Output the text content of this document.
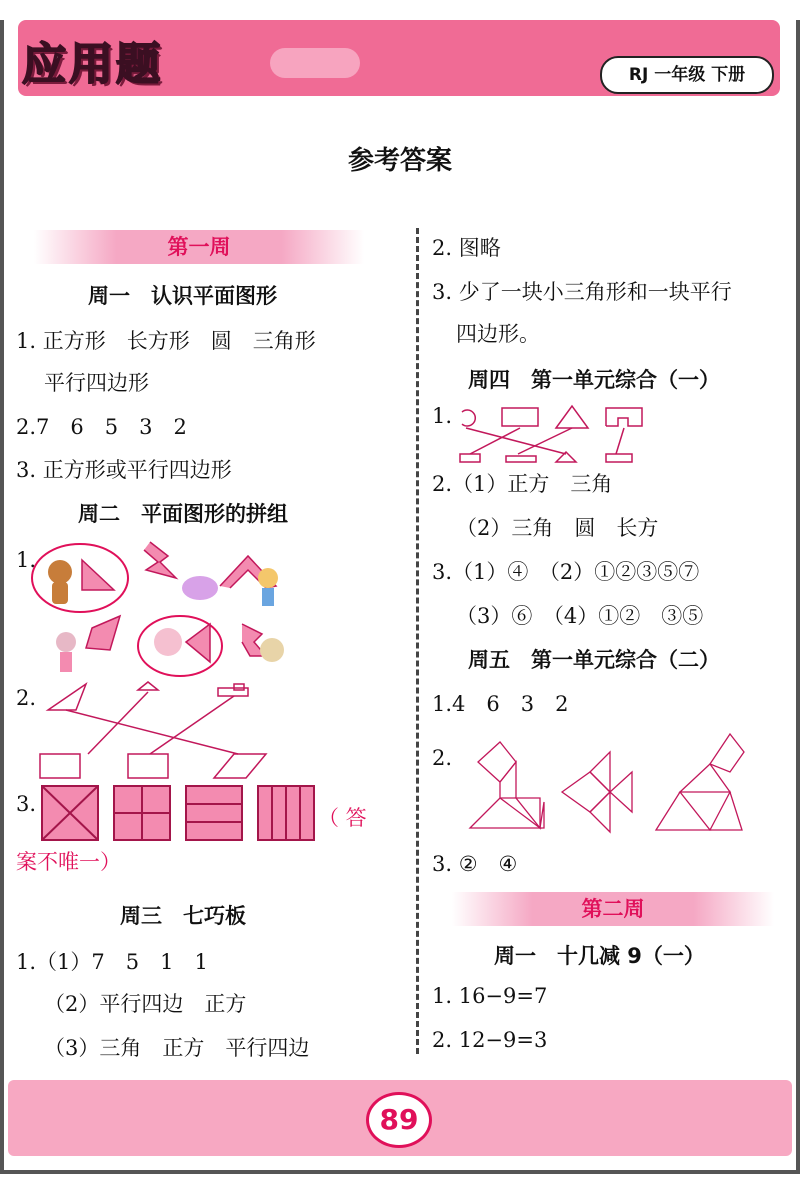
应用题	RJ 一年级 下册
参考答案
第一周
周一　认识平面图形
1. 正方形　长方形　圆　三角形
平行四边形
2.7　6　5　3　2
3. 正方形或平行四边形
周二　平面图形的拼组
1.
2.
3.
（ 答
案不唯一）
周三　七巧板
1.（1）7　5　1　1
（2）平行四边　正方
（3）三角　正方　平行四边
2. 图略
3. 少了一块小三角形和一块平行
四边形。
周四　第一单元综合（一）
1.
2.（1）正方　三角
（2）三角　圆　长方
3.（1）④　（2）①②③⑤⑦
（3）⑥　（4）①②　③⑤
周五　第一单元综合（二）
1.4　6　3　2
2.
3. ②　④
第二周
周一　十几减 9（一）
1. 16−9=7
2. 12−9=3
89
